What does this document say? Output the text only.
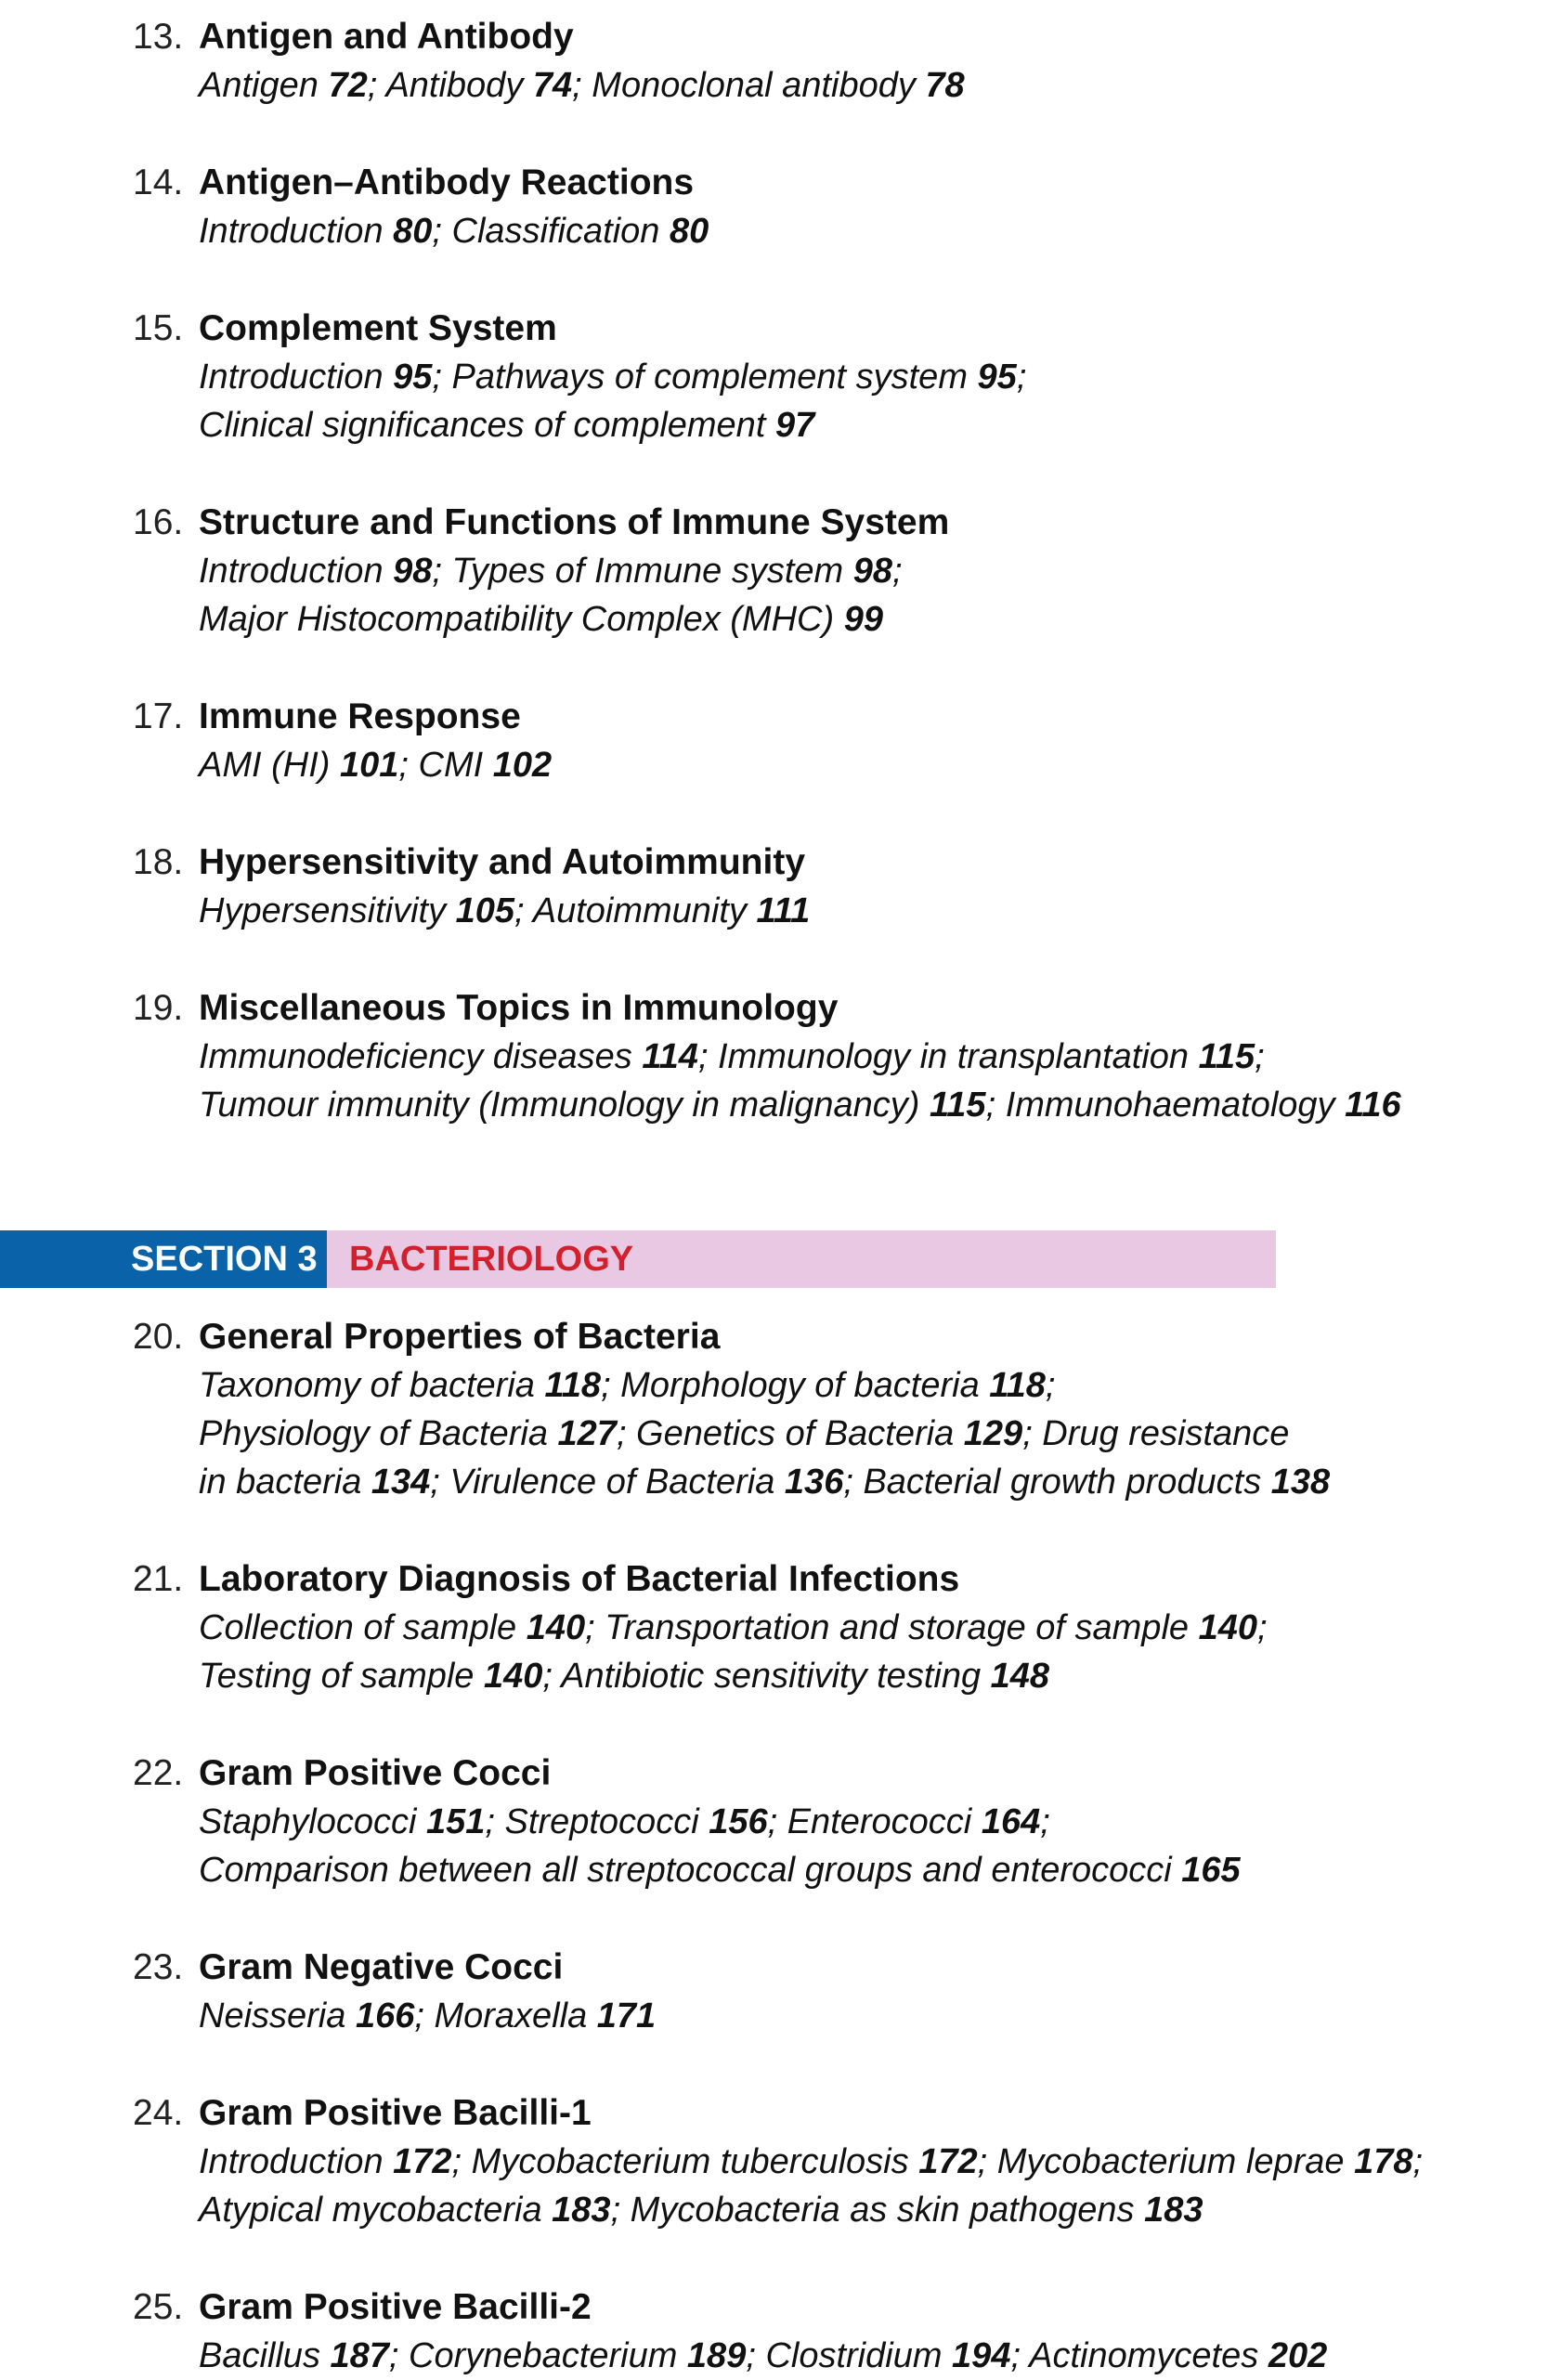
13. Antigen and Antibody
Antigen 72; Antibody 74; Monoclonal antibody 78
14. Antigen–Antibody Reactions
Introduction 80; Classification 80
15. Complement System
Introduction 95; Pathways of complement system 95;
Clinical significances of complement 97
16. Structure and Functions of Immune System
Introduction 98; Types of Immune system 98;
Major Histocompatibility Complex (MHC) 99
17. Immune Response
AMI (HI) 101; CMI 102
18. Hypersensitivity and Autoimmunity
Hypersensitivity 105; Autoimmunity 111
19. Miscellaneous Topics in Immunology
Immunodeficiency diseases 114; Immunology in transplantation 115;
Tumour immunity (Immunology in malignancy) 115; Immunohaematology 116
SECTION 3 BACTERIOLOGY
20. General Properties of Bacteria
Taxonomy of bacteria 118; Morphology of bacteria 118;
Physiology of Bacteria 127; Genetics of Bacteria 129; Drug resistance
in bacteria 134; Virulence of Bacteria 136; Bacterial growth products 138
21. Laboratory Diagnosis of Bacterial Infections
Collection of sample 140; Transportation and storage of sample 140;
Testing of sample 140; Antibiotic sensitivity testing 148
22. Gram Positive Cocci
Staphylococci 151; Streptococci 156; Enterococci 164;
Comparison between all streptococcal groups and enterococci 165
23. Gram Negative Cocci
Neisseria 166; Moraxella 171
24. Gram Positive Bacilli-1
Introduction 172; Mycobacterium tuberculosis 172; Mycobacterium leprae 178;
Atypical mycobacteria 183; Mycobacteria as skin pathogens 183
25. Gram Positive Bacilli-2
Bacillus 187; Corynebacterium 189; Clostridium 194; Actinomycetes 202
